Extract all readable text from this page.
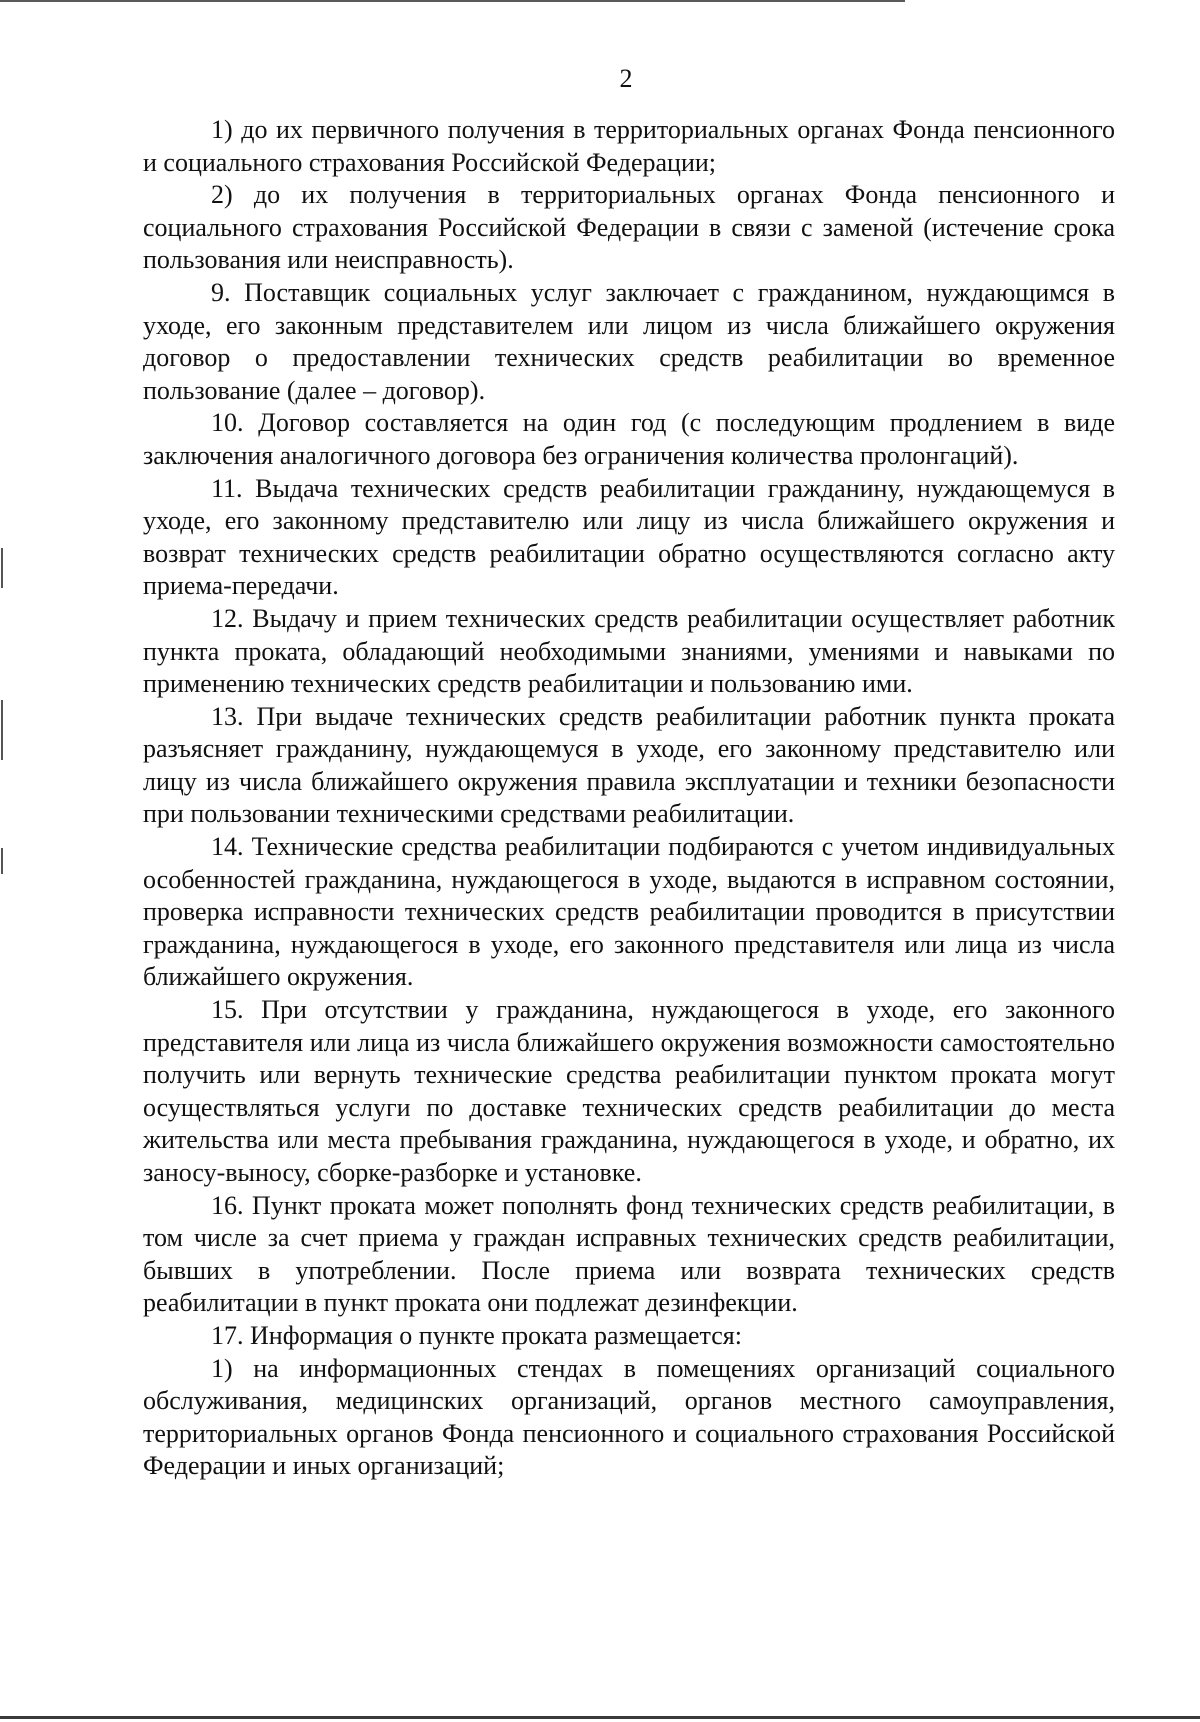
2

1) до их первичного получения в территориальных органах Фонда пенсионного и социального страхования Российской Федерации;

2) до их получения в территориальных органах Фонда пенсионного и социального страхования Российской Федерации в связи с заменой (истечение срока пользования или неисправность).

9. Поставщик социальных услуг заключает с гражданином, нуждающимся в уходе, его законным представителем или лицом из числа ближайшего окружения договор о предоставлении технических средств реабилитации во временное пользование (далее – договор).

10. Договор составляется на один год (с последующим продлением в виде заключения аналогичного договора без ограничения количества пролонгаций).

11. Выдача технических средств реабилитации гражданину, нуждающемуся в уходе, его законному представителю или лицу из числа ближайшего окружения и возврат технических средств реабилитации обратно осуществляются согласно акту приема-передачи.

12. Выдачу и прием технических средств реабилитации осуществляет работник пункта проката, обладающий необходимыми знаниями, умениями и навыками по применению технических средств реабилитации и пользованию ими.

13. При выдаче технических средств реабилитации работник пункта проката разъясняет гражданину, нуждающемуся в уходе, его законному представителю или лицу из числа ближайшего окружения правила эксплуатации и техники безопасности при пользовании техническими средствами реабилитации.

14. Технические средства реабилитации подбираются с учетом индивидуальных особенностей гражданина, нуждающегося в уходе, выдаются в исправном состоянии, проверка исправности технических средств реабилитации проводится в присутствии гражданина, нуждающегося в уходе, его законного представителя или лица из числа ближайшего окружения.

15. При отсутствии у гражданина, нуждающегося в уходе, его законного представителя или лица из числа ближайшего окружения возможности самостоятельно получить или вернуть технические средства реабилитации пунктом проката могут осуществляться услуги по доставке технических средств реабилитации до места жительства или места пребывания гражданина, нуждающегося в уходе, и обратно, их заносу-выносу, сборке-разборке и установке.

16. Пункт проката может пополнять фонд технических средств реабилитации, в том числе за счет приема у граждан исправных технических средств реабилитации, бывших в употреблении. После приема или возврата технических средств реабилитации в пункт проката они подлежат дезинфекции.

17. Информация о пункте проката размещается:

1) на информационных стендах в помещениях организаций социального обслуживания, медицинских организаций, органов местного самоуправления, территориальных органов Фонда пенсионного и социального страхования Российской Федерации и иных организаций;
